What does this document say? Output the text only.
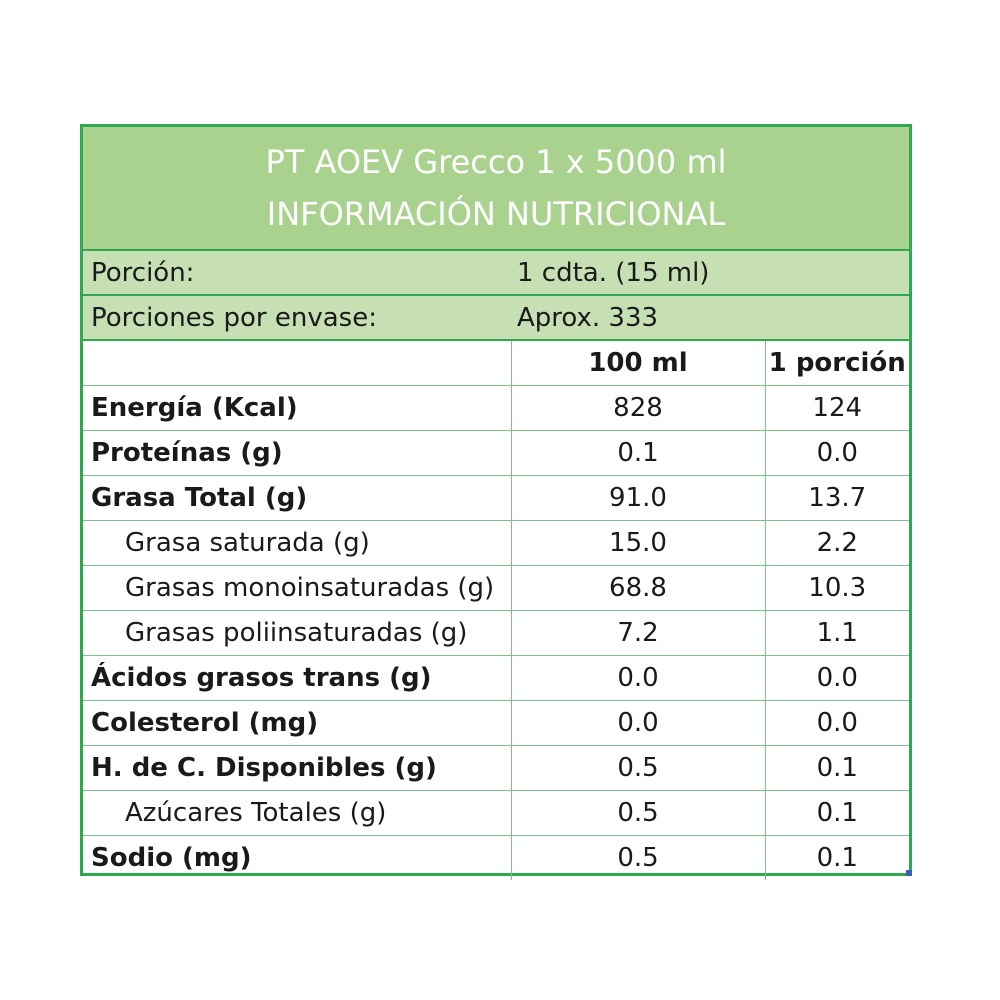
PT AOEV Grecco 1 x 5000 ml
INFORMACIÓN NUTRICIONAL
Porción:	1 cdta. (15 ml)
Porciones por envase:	Aprox. 333
	100 ml	1 porción
Energía (Kcal)	828	124
Proteínas (g)	0.1	0.0
Grasa Total (g)	91.0	13.7
Grasa saturada (g)	15.0	2.2
Grasas monoinsaturadas (g)	68.8	10.3
Grasas poliinsaturadas (g)	7.2	1.1
Ácidos grasos trans (g)	0.0	0.0
Colesterol (mg)	0.0	0.0
H. de C. Disponibles (g)	0.5	0.1
Azúcares Totales (g)	0.5	0.1
Sodio (mg)	0.5	0.1
